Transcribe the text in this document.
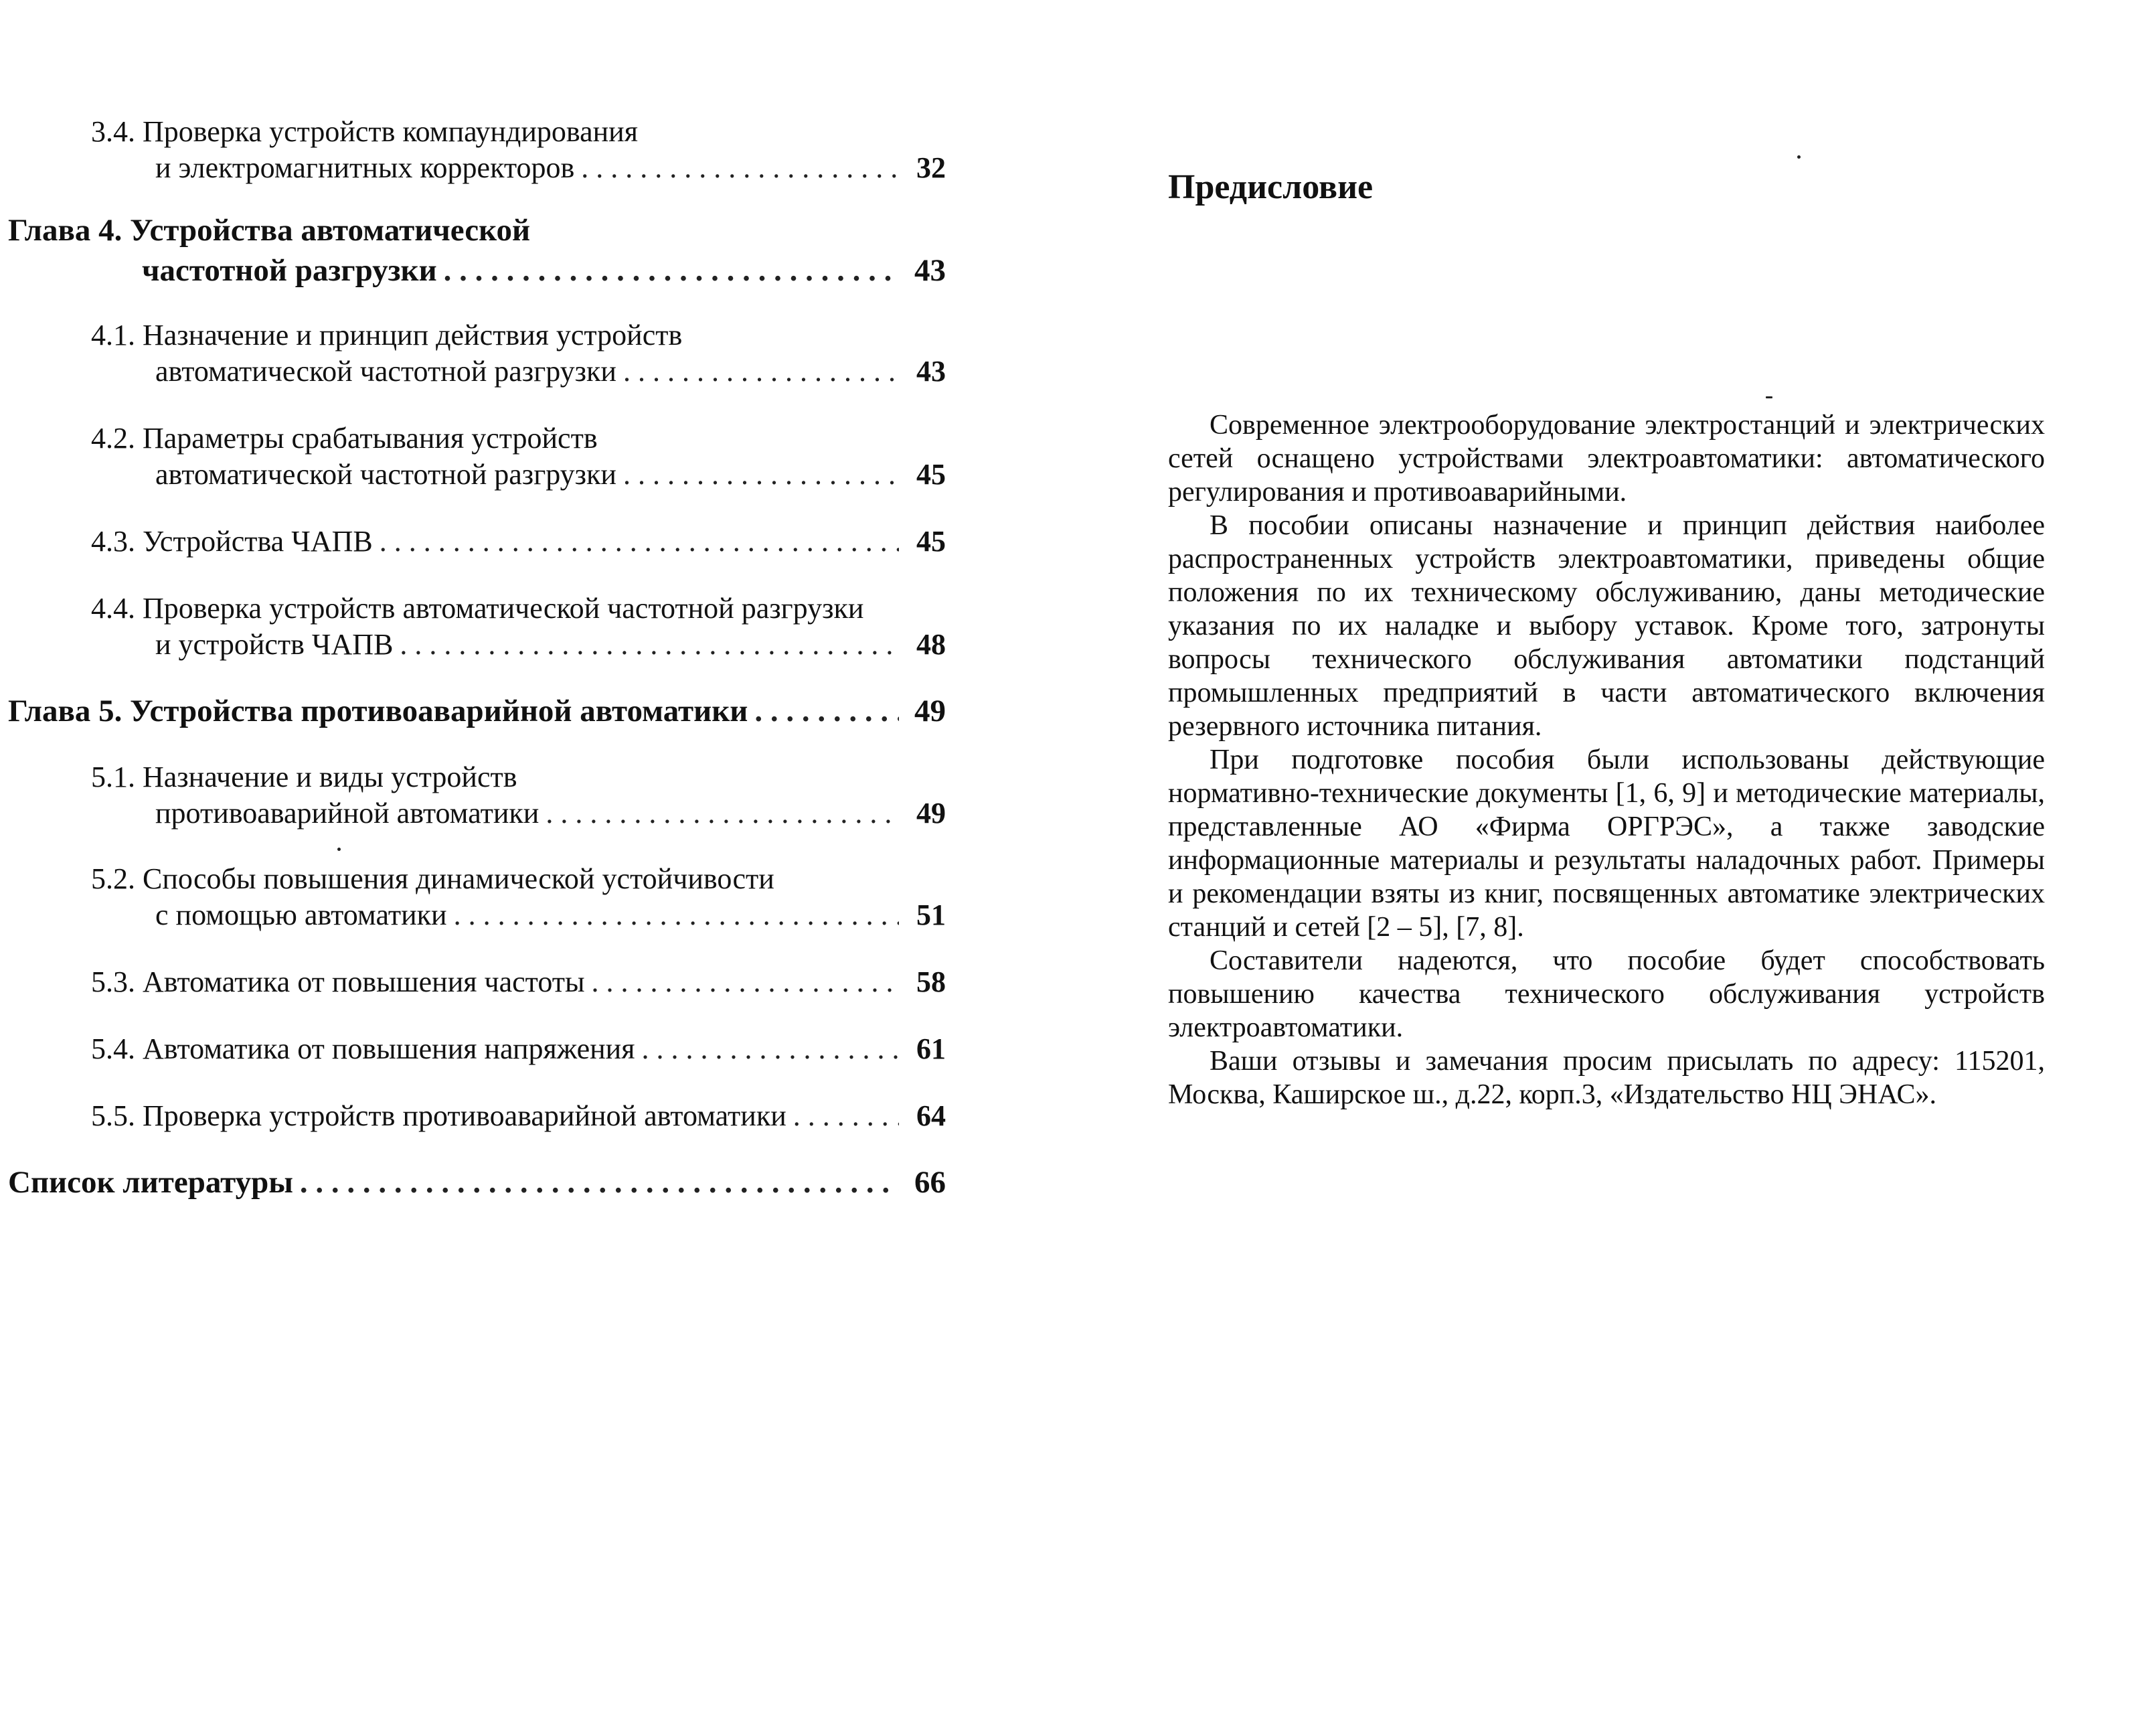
3.4. Проверка устройств компаундирования
и электромагнитных корректоров . . .	32
Глава 4. Устройства автоматической
частотной разгрузки . . .	43
4.1. Назначение и принцип действия устройств
автоматической частотной разгрузки . . .	43
4.2. Параметры срабатывания устройств
автоматической частотной разгрузки . . .	45
4.3. Устройства ЧАПВ . . .	45
4.4. Проверка устройств автоматической частотной разгрузки
и устройств ЧАПВ . . .	48
Глава 5. Устройства противоаварийной автоматики . . .	49
5.1. Назначение и виды устройств
противоаварийной автоматики . . .	49
5.2. Способы повышения динамической устойчивости
с помощью автоматики . . .	51
5.3. Автоматика от повышения частоты . . .	58
5.4. Автоматика от повышения напряжения . . .	61
5.5. Проверка устройств противоаварийной автоматики . . .	64
Список литературы . . .	66
Предисловие

Современное электрооборудование электростанций и электрических сетей оснащено устройствами электроавтоматики: автоматического регулирования и противоаварийными.

В пособии описаны назначение и принцип действия наиболее распространенных устройств электроавтоматики, приведены общие положения по их техническому обслуживанию, даны методические указания по их наладке и выбору уставок. Кроме того, затронуты вопросы технического обслуживания автоматики подстанций промышленных предприятий в части автоматического включения резервного источника питания.

При подготовке пособия были использованы действующие нормативно-технические документы [1, 6, 9] и методические материалы, представленные АО «Фирма ОРГРЭС», а также заводские информационные материалы и результаты наладочных работ. Примеры и рекомендации взяты из книг, посвященных автоматике электрических станций и сетей [2 – 5], [7, 8].

Составители надеются, что пособие будет способствовать повышению качества технического обслуживания устройств электроавтоматики.

Ваши отзывы и замечания просим присылать по адресу: 115201, Москва, Каширское ш., д.22, корп.3, «Издательство НЦ ЭНАС».
